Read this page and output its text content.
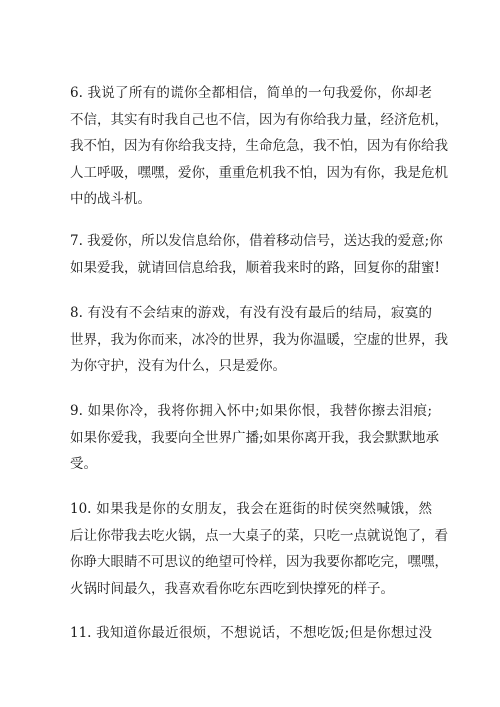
6. 我说了所有的谎你全都相信，简单的一句我爱你，你却老
不信，其实有时我自己也不信，因为有你给我力量，经济危机，
我不怕，因为有你给我支持，生命危急，我不怕，因为有你给我
人工呼吸，嘿嘿，爱你，重重危机我不怕，因为有你，我是危机
中的战斗机。

7. 我爱你，所以发信息给你，借着移动信号，送达我的爱意;你
如果爱我，就请回信息给我，顺着我来时的路，回复你的甜蜜!

8. 有没有不会结束的游戏，有没有没有最后的结局，寂寞的
世界，我为你而来，冰冷的世界，我为你温暖，空虚的世界，我
为你守护，没有为什么，只是爱你。

9. 如果你冷，我将你拥入怀中;如果你恨，我替你擦去泪痕;
如果你爱我，我要向全世界广播;如果你离开我，我会默默地承
受。

10. 如果我是你的女朋友，我会在逛街的时侯突然喊饿，然
后让你带我去吃火锅，点一大桌子的菜，只吃一点就说饱了，看
你睁大眼睛不可思议的绝望可怜样，因为我要你都吃完，嘿嘿，
火锅时间最久，我喜欢看你吃东西吃到快撑死的样子。

11. 我知道你最近很烦，不想说话，不想吃饭;但是你想过没
